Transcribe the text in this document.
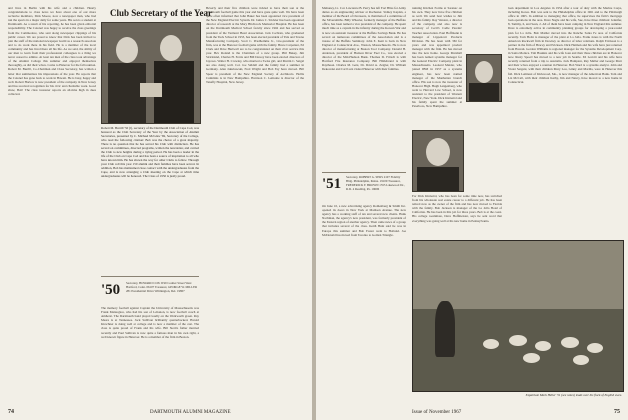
and lives in Berlin with his wife and a children. Hearty congratulations to class news we have about one of our more reclusive members, Dick Moore, now a newspaper man, who had run the sports in a major daily for some years. His son is a student at Dartmouth. As a result of his reporting, he has been given editorial responsibility. The Colonel was happy to receive the class greetings from the Commodore, who sent along newspaper clippings of his public career. We are proud to know that Dick has been invited to join the staff of the national newspaper Guild as a research associate and to do work there in his field. He is a member of the local community and has lived there all his life. As we said, the ability of our men to learn from their professional colleagues is a thing we never ceased to admire. At least ten men of the class took advantage of the Alumni College this summer and enjoyed themselves thoroughly, as did their wives. Come to Hanover for the fall reunion. Robert M. Burrill, Co-Chairman and Class Secretary, has written a letter that summarizes his impressions of the year. He reports that the Colonel has gone back to work in Hawaii. He is busy, happy and well. Robert Harlow is now president of the company in New Jersey and has received recognition for his civic and charitable work. Good show, Bob! The class treasurer reports an all-time high in dues collected.

Club Secretary of the Year

Robert M. Burrill '50 (l), secretary of the Dartmouth Club of Cape Cod, was honored as the Club Secretary of the Year by the Association of Alumni Secretaries, presented by C. Michael McGlaw '69, Secretary of the College, who read the following citation: Bob was the choice of a great majority. There is no question that he has served his Club with distinction. He has served on committees, directed programs, written the newsletter, and carried the Club to new heights during a trying period. He has been a leader in the life of the Club on Cape Cod and has been a source of inspiration to all who have known him. He has shown the way for other Clubs to follow. Through your Club roll this year 150 alumni and their families have been served. In addition, Bob has maintained close contact with the undergraduates from the Cape, and is now arranging a Club meeting on the Cape at which time undergraduates will be honored. The Class of 1950 is justly proud.

'50 Secretary, HOWARD COX II 99 Coulter Street West Hartford, Conn. 06107 Treasurer, GEORGE W. MILLER 281 Presidential Drive Wilmington, Del. 19807

The memory football against Captain the University of Massachusetts was Frank Mantoglou, who had his son of Lebanon, is now football coach at Amherst. The Dartmouth band played loudly on the Wentworth green. Ray Mears is at Tennessee. Jack Sullivan brilliantly quarterbacked. Harold Kirschner is doing well at college and is now a member of the cast. The class is quite proud of Frank and his wife. Bill Stern's father married recently and Paul Sullivan is now quite a famous man in his own right, a well known figure in Hanover. He is a member of the firm in Boston.

Beverly and their five children were tickled to have their son at the Dartmouth football game this year and have gone quite well. We have been quite often informed that John Baker has been appointed vice president of the New England Electric System. Dr. James C. Stickler has been appointed director of research at the Mary Hitchcock Memorial Hospital. He has been on the Dartmouth Medical School faculty since 1962 and has served as president of the Vermont Heart Association. Jack Cochran, who graduated from the Tuck School in 1953, has been elected president of Yale and Towne Manufacturing Company. Scott C. Prudhomme Jr., vice-president of the firm, was at the Hanover football game with the family. Bruce Carpenter, Ed Clark and Dave Hartwell are to be congratulated on their civic service this year. Bev Roland is the Chairman of a new group. Phil Bakey, Jim Strickland, Charles H. Ferris and Bill Dewey have been elected directors of Jaycees. Walter H. Crowley, who married a Swiss girl, and Martin C. Seigal are also doing well. Col. Joe Siddall and the family had a summer in Germany. Alan Jakubowski, Fred Wright and Bob Fay have moved. Bill Spear is president of the New England Society of Architects. Hollis Cummins is in New Hampshire. Harrison C. Lemoine is director of the Tenafly Hospital, New Jersey.

74	DARTMOUTH ALUMNI MAGAZINE

Mahoney, Lt. Col. Lawrence B. Perry has left Fort Bliss for Army duties as an engineering adviser at Rochester. Sidney Kaplan, a member of the Board of Overseers, is chairman of a committee of the Silversmiths. Billy Wheeler, formerly manager of the Buffalo office, has been named a vice president of the company. He spent much time as a captain in the infantry during the Korean War and is now an assistant treasurer at the Buffalo Savings Bank. He has served on numerous committees of the Association and is a trustee of the Buffalo Seminary. John E. Kent is back in New England at Connecticut Ave., Weston, Massachusetts. He is now director of manufacturing at Boston Tool Company. Donald H. Anderson, president of Hudson River Fuel Co., was elected a director of the Mid-Hudson Bank. Thomas D. Fritsch is with Hartford Fire Insurance Company. Bill Hildebrand is with Raytheon. Charles M. Getz, Dr. David A. Zeigler, Dr. William Dekowski and Carl Lutz visited Hanover with their families.

'51 Secretary, ROBERT G. SERS 2107 Fidelity Bldg. Philadelphia, Penna. 19109 Treasurer, FREDERICK F. BROWN 1555 Lakewood Dr., R.D. 4 Reading, Pa. 19606

On June 10, a new advertising agency Rothenberg & Smith Inc. opened its doors in New York at Madison Avenue. The new agency has a working staff of ten and several new clients. Hank Nachman, the agency's new president, was formerly president of the Eastern region of another agency. Then came news of a group that includes several of the class. Keith Hunt said he was in Europe this summer and Bob Foster went to Holland. Joe McDonald has moved from Toronto to Golden Triangle.

running Kitchen Forms at Saranac on his own. They now have five children as well. We send best wishes to Jim and his family. Ray Weston, a director of the company and also now is secretary of Cecil's Cadle Parents' Teacher Association. Paul Hoffmann is manager of Lippencott Products Division. He has been with 3M for years and was appointed product manager with the firm. He has moved into the new home. George Marshall has been named systems manager for the General Electric Company plant in Massachusetts. Leonard Maider, who joined IBM in 1957 as a systems engineer, has now been named manager of the Manhattan branch office. His son is now the treasurer of Hanover High. Hugh Langenberg, who went to Harvard Law School, is now assistant to the president of Western Electric, New York. Dick Kinnaird and his family spent the summer at Peterboro, New Hampshire.

For Dick Kinnaird, who has been for some time now, has switched from his wholesale real estate career to a different job. He has been retired now as the owner of the firm and has now moved to Florida with the family. Bob Jackson is manager of the La Jolla Hotel of California. He has been in this job for three years. Bob is at the coast. His college roommate, Dave Hoffmeister, says he sent word that everything was going well at his new home in Pennsylvania.

loan department in Los Angeles in 1954 after a tour of duty with the Marine Corps, including Korea. Bob was sent to the Philadelphia office in 1961 and to the Pittsburgh office in 1965. In addition to managing that office, he supervises the firm's mortgage loan operations in the area. Dave Nagle and his wife, Sue, have three children: Jennifer, 8, Tommy, 6, and Sean, 2. All of them have been camping in New England this summer. Dave is extremely active in community planning groups for developing a year-round plan for La Jolla. Bob Mather moved into the Rancho Santa Fe area of California recently. Tom Holtz is manager of the plant at La Jolla. Frank Jones is with the North American Rockwell firm in Downey as director of labor relations. Ralph Erickson is a partner in the firm of Bracey and Erickson. Dick Heiman and his wife have just returned from Hawaii. Gordon Williams is regional manager for the Systems Development Corp. in Santa Monica. Tim Haskins and his wife Joan and their three children are in Hanover now. Rusty Spoerl has moved to a new job in Seattle. Ed Leavitt and his wife have recently returned from a trip to Australia. Jack Hampton, Ray Maller and George Marr and their wives enjoyed a reunion in Hanover. Bob Ward is a systems analyst. John and Violet Sargent, with their children Mary Lou, Ginny and Martha, were in Hanover this fall. Dick Lemieux of Kirkwood, Mo., is now manager of the American Bank. Tom and Liz McCall, with their children Kathy, Jim and Nancy, have moved to a new home in Connecticut.

Expatriate Mark Heller '51 (see notes) leads over his flock of English ewes.
Issue of November 1967	75
